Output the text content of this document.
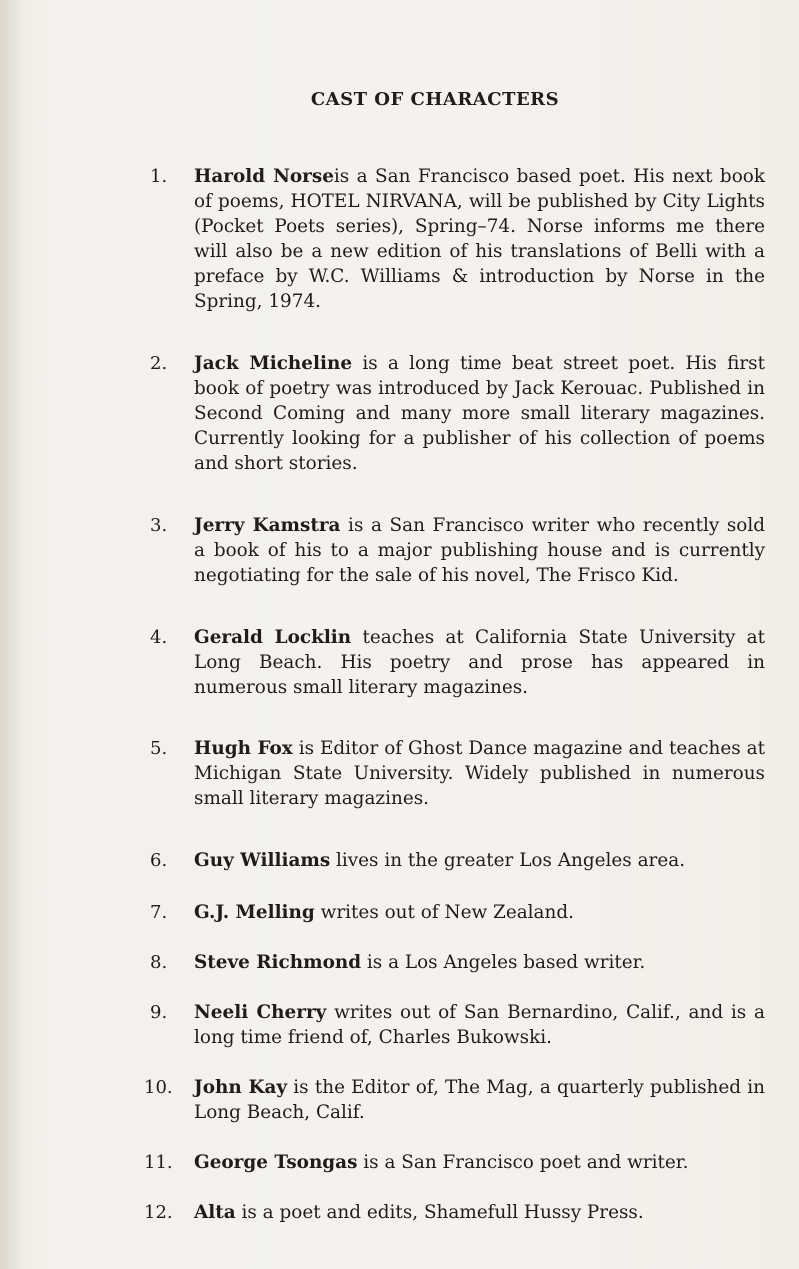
CAST OF CHARACTERS
1. Harold Norseis a San Francisco based poet. His next book of poems, HOTEL NIRVANA, will be published by City Lights (Pocket Poets series), Spring–74. Norse informs me there will also be a new edition of his translations of Belli with a preface by W.C. Williams & introduction by Norse in the Spring, 1974.

2. Jack Micheline is a long time beat street poet. His first book of poetry was introduced by Jack Kerouac. Published in Second Coming and many more small literary magazines. Currently looking for a publisher of his collection of poems and short stories.

3. Jerry Kamstra is a San Francisco writer who recently sold a book of his to a major publishing house and is currently negotiating for the sale of his novel, The Frisco Kid.

4. Gerald Locklin teaches at California State University at Long Beach. His poetry and prose has appeared in numerous small literary magazines.

5. Hugh Fox is Editor of Ghost Dance magazine and teaches at Michigan State University. Widely published in numerous small literary magazines.

6. Guy Williams lives in the greater Los Angeles area.

7. G.J. Melling writes out of New Zealand.

8. Steve Richmond is a Los Angeles based writer.

9. Neeli Cherry writes out of San Bernardino, Calif., and is a long time friend of, Charles Bukowski.

10. John Kay is the Editor of, The Mag, a quarterly published in Long Beach, Calif.

11. George Tsongas is a San Francisco poet and writer.

12. Alta is a poet and edits, Shamefull Hussy Press.
